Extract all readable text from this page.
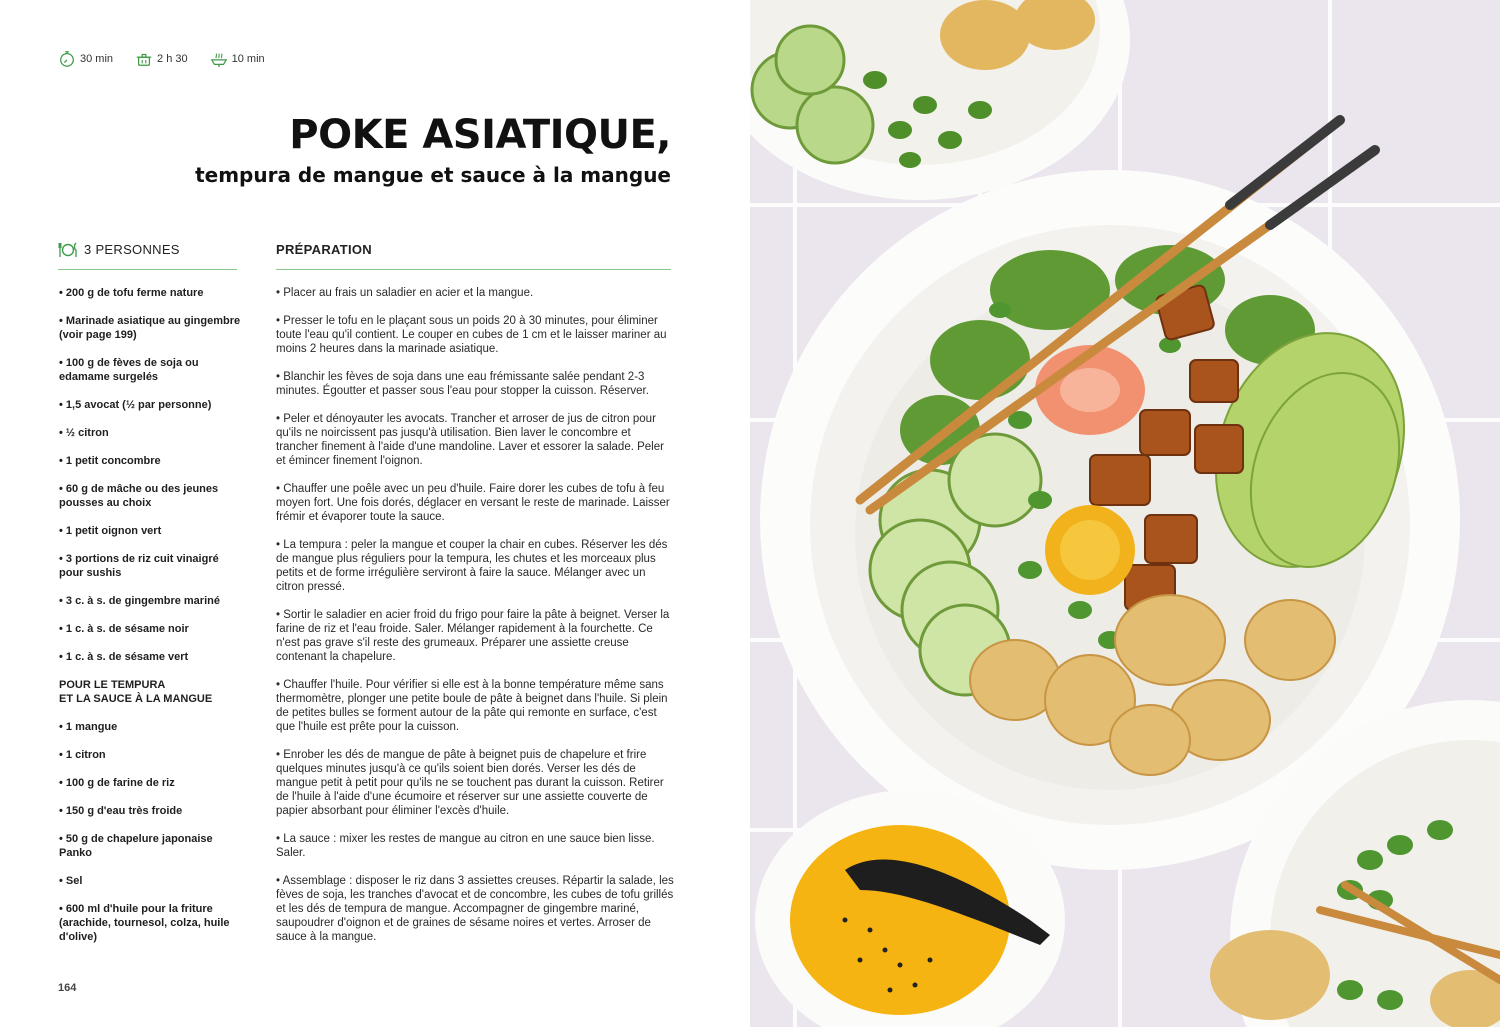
30 min	2 h 30	10 min
POKE ASIATIQUE,
tempura de mangue et sauce à la mangue
3 PERSONNES	PRÉPARATION
• 200 g de tofu ferme nature
• Marinade asiatique au gingembre (voir page 199)
• 100 g de fèves de soja ou edamame surgelés
• 1,5 avocat (½ par personne)
• ½ citron
• 1 petit concombre
• 60 g de mâche ou des jeunes pousses au choix
• 1 petit oignon vert
• 3 portions de riz cuit vinaigré pour sushis
• 3 c. à s. de gingembre mariné
• 1 c. à s. de sésame noir
• 1 c. à s. de sésame vert
POUR LE TEMPURA
ET LA SAUCE À LA MANGUE
• 1 mangue
• 1 citron
• 100 g de farine de riz
• 150 g d'eau très froide
• 50 g de chapelure japonaise Panko
• Sel
• 600 ml d'huile pour la friture (arachide, tournesol, colza, huile d'olive)
• Placer au frais un saladier en acier et la mangue.
• Presser le tofu en le plaçant sous un poids 20 à 30 minutes, pour éliminer toute l'eau qu'il contient. Le couper en cubes de 1 cm et le laisser mariner au moins 2 heures dans la marinade asiatique.
• Blanchir les fèves de soja dans une eau frémissante salée pendant 2-3 minutes. Égoutter et passer sous l'eau pour stopper la cuisson. Réserver.
• Peler et dénoyauter les avocats. Trancher et arroser de jus de citron pour qu'ils ne noircissent pas jusqu'à utilisation. Bien laver le concombre et trancher finement à l'aide d'une mandoline. Laver et essorer la salade. Peler et émincer finement l'oignon.
• Chauffer une poêle avec un peu d'huile. Faire dorer les cubes de tofu à feu moyen fort. Une fois dorés, déglacer en versant le reste de marinade. Laisser frémir et évaporer toute la sauce.
• La tempura : peler la mangue et couper la chair en cubes. Réserver les dés de mangue plus réguliers pour la tempura, les chutes et les morceaux plus petits et de forme irrégulière serviront à faire la sauce. Mélanger avec un citron pressé.
• Sortir le saladier en acier froid du frigo pour faire la pâte à beignet. Verser la farine de riz et l'eau froide. Saler. Mélanger rapidement à la fourchette. Ce n'est pas grave s'il reste des grumeaux. Préparer une assiette creuse contenant la chapelure.
• Chauffer l'huile. Pour vérifier si elle est à la bonne température même sans thermomètre, plonger une petite boule de pâte à beignet dans l'huile. Si plein de petites bulles se forment autour de la pâte qui remonte en surface, c'est que l'huile est prête pour la cuisson.
• Enrober les dés de mangue de pâte à beignet puis de chapelure et frire quelques minutes jusqu'à ce qu'ils soient bien dorés. Verser les dés de mangue petit à petit pour qu'ils ne se touchent pas durant la cuisson. Retirer de l'huile à l'aide d'une écumoire et réserver sur une assiette couverte de papier absorbant pour éliminer l'excès d'huile.
• La sauce : mixer les restes de mangue au citron en une sauce bien lisse. Saler.
• Assemblage : disposer le riz dans 3 assiettes creuses. Répartir la salade, les fèves de soja, les tranches d'avocat et de concombre, les cubes de tofu grillés et les dés de tempura de mangue. Accompagner de gingembre mariné, saupoudrer d'oignon et de graines de sésame noires et vertes. Arroser de sauce à la mangue.
164
